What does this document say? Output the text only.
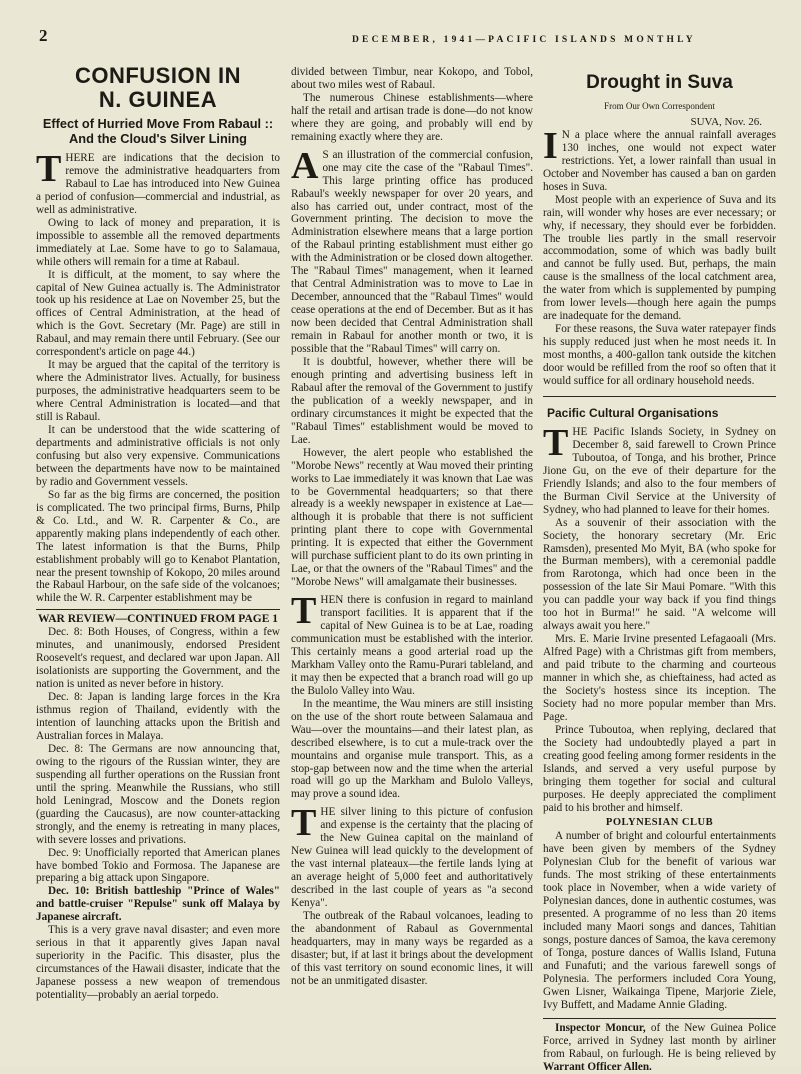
2	DECEMBER, 1941—PACIFIC ISLANDS MONTHLY
CONFUSION IN
N. GUINEA
Effect of Hurried Move From Rabaul :: And the Cloud's Silver Lining

THERE are indications that the decision to remove the administrative headquarters from Rabaul to Lae has introduced into New Guinea a period of confusion—commercial and industrial, as well as administrative.

Owing to lack of money and preparation, it is impossible to assemble all the removed departments immediately at Lae. Some have to go to Salamaua, while others will remain for a time at Rabaul.

It is difficult, at the moment, to say where the capital of New Guinea actually is. The Administrator took up his residence at Lae on November 25, but the offices of Central Administration, at the head of which is the Govt. Secretary (Mr. Page) are still in Rabaul, and may remain there until February. (See our correspondent's article on page 44.)

It may be argued that the capital of the territory is where the Administrator lives. Actually, for business purposes, the administrative headquarters seem to be where Central Administration is located—and that still is Rabaul.

It can be understood that the wide scattering of departments and administrative officials is not only confusing but also very expensive. Communications between the departments have now to be maintained by radio and Government vessels.

So far as the big firms are concerned, the position is complicated. The two principal firms, Burns, Philp & Co. Ltd., and W. R. Carpenter & Co., are apparently making plans independently of each other. The latest information is that the Burns, Philp establishment probably will go to Kenabot Plantation, near the present township of Kokopo, 20 miles around the Rabaul Harbour, on the safe side of the volcanoes; while the W. R. Carpenter establishment may be

WAR REVIEW—CONTINUED FROM PAGE 1

Dec. 8: Both Houses, of Congress, within a few minutes, and unanimously, endorsed President Roosevelt's request, and declared war upon Japan. All isolationists are supporting the Government, and the nation is united as never before in history.

Dec. 8: Japan is landing large forces in the Kra isthmus region of Thailand, evidently with the intention of launching attacks upon the British and Australian forces in Malaya.

Dec. 8: The Germans are now announcing that, owing to the rigours of the Russian winter, they are suspending all further operations on the Russian front until the spring. Meanwhile the Russians, who still hold Leningrad, Moscow and the Donets region (guarding the Caucasus), are now counter-attacking strongly, and the enemy is retreating in many places, with severe losses and privations.

Dec. 9: Unofficially reported that American planes have bombed Tokio and Formosa. The Japanese are preparing a big attack upon Singapore.

Dec. 10: British battleship "Prince of Wales" and battle-cruiser "Repulse" sunk off Malaya by Japanese aircraft.

This is a very grave naval disaster; and even more serious in that it apparently gives Japan naval superiority in the Pacific. This disaster, plus the circumstances of the Hawaii disaster, indicate that the Japanese possess a new weapon of tremendous potentiality—probably an aerial torpedo.

divided between Timbur, near Kokopo, and Tobol, about two miles west of Rabaul.

The numerous Chinese establishments—where half the retail and artisan trade is done—do not know where they are going, and probably will end by remaining exactly where they are.

A S an illustration of the commercial confusion, one may cite the case of the "Rabaul Times". This large printing office has produced Rabaul's weekly newspaper for over 20 years, and also has carried out, under contract, most of the Government printing. The decision to move the Administration elsewhere means that a large portion of the Rabaul printing establishment must either go with the Administration or be closed down altogether. The "Rabaul Times" management, when it learned that Central Administration was to move to Lae in December, announced that the "Rabaul Times" would cease operations at the end of December. But as it has now been decided that Central Administration shall remain in Rabaul for another month or two, it is possible that the "Rabaul Times" will carry on.

It is doubtful, however, whether there will be enough printing and advertising business left in Rabaul after the removal of the Government to justify the publication of a weekly newspaper, and in ordinary circumstances it might be expected that the "Rabaul Times" establishment would be moved to Lae.

However, the alert people who established the "Morobe News" recently at Wau moved their printing works to Lae immediately it was known that Lae was to be Governmental headquarters; so that there already is a weekly newspaper in existence at Lae—although it is probable that there is not sufficient printing plant there to cope with Governmental printing. It is expected that either the Government will purchase sufficient plant to do its own printing in Lae, or that the owners of the "Rabaul Times" and the "Morobe News" will amalgamate their businesses.

THEN there is confusion in regard to mainland transport facilities. It is apparent that if the capital of New Guinea is to be at Lae, roading communication must be established with the interior. This certainly means a good arterial road up the Markham Valley onto the Ramu-Purari tableland, and it may then be expected that a branch road will go up the Bulolo Valley into Wau.

In the meantime, the Wau miners are still insisting on the use of the short route between Salamaua and Wau—over the mountains—and their latest plan, as described elsewhere, is to cut a mule-track over the mountains and organise mule transport. This, as a stop-gap between now and the time when the arterial road will go up the Markham and Bulolo Valleys, may prove a sound idea.

THE silver lining to this picture of confusion and expense is the certainty that the placing of the New Guinea capital on the mainland of New Guinea will lead quickly to the development of the vast internal plateaux—the fertile lands lying at an average height of 5,000 feet and authoritatively described in the last couple of years as "a second Kenya".

The outbreak of the Rabaul volcanoes, leading to the abandonment of Rabaul as Governmental headquarters, may in many ways be regarded as a disaster; but, if at last it brings about the development of this vast territory on sound economic lines, it will not be an unmitigated disaster.

Drought in Suva
From Our Own Correspondent
SUVA, Nov. 26.

I N a place where the annual rainfall averages 130 inches, one would not expect water restrictions. Yet, a lower rainfall than usual in October and November has caused a ban on garden hoses in Suva.

Most people with an experience of Suva and its rain, will wonder why hoses are ever necessary; or why, if necessary, they should ever be forbidden. The trouble lies partly in the small reservoir accommodation, some of which was badly built and cannot be fully used. But, perhaps, the main cause is the smallness of the local catchment area, the water from which is supplemented by pumping from lower levels—though here again the pumps are inadequate for the demand.

For these reasons, the Suva water ratepayer finds his supply reduced just when he most needs it. In most months, a 400-gallon tank outside the kitchen door would be refilled from the roof so often that it would suffice for all ordinary household needs.

Pacific Cultural Organisations

THE Pacific Islands Society, in Sydney on December 8, said farewell to Crown Prince Tuboutoa, of Tonga, and his brother, Prince Jione Gu, on the eve of their departure for the Friendly Islands; and also to the four members of the Burman Civil Service at the University of Sydney, who had planned to leave for their homes.

As a souvenir of their association with the Society, the honorary secretary (Mr. Eric Ramsden), presented Mo Myit, BA (who spoke for the Burman members), with a ceremonial paddle from Rarotonga, which had once been in the possession of the late Sir Maui Pomare. "With this you can paddle your way back if you find things too hot in Burma!" he said. "A welcome will always await you here."

Mrs. E. Marie Irvine presented Lefagaoali (Mrs. Alfred Page) with a Christmas gift from members, and paid tribute to the charming and courteous manner in which she, as chieftainess, had acted as the Society's hostess since its inception. The Society had no more popular member than Mrs. Page.

Prince Tuboutoa, when replying, declared that the Society had undoubtedly played a part in creating good feeling among former residents in the Islands, and served a very useful purpose by bringing them together for social and cultural purposes. He deeply appreciated the compliment paid to his brother and himself.

POLYNESIAN CLUB

A number of bright and colourful entertainments have been given by members of the Sydney Polynesian Club for the benefit of various war funds. The most striking of these entertainments took place in November, when a wide variety of Polynesian dances, done in authentic costumes, was presented. A programme of no less than 20 items included many Maori songs and dances, Tahitian songs, posture dances of Samoa, the kava ceremony of Tonga, posture dances of Wallis Island, Futuna and Funafuti; and the various farewell songs of Polynesia. The performers included Cora Young, Gwen Lisner, Waikainga Tipene, Marjorie Ziele, Ivy Buffett, and Madame Annie Glading.

Inspector Moncur, of the New Guinea Police Force, arrived in Sydney last month by airliner from Rabaul, on furlough. He is being relieved by Warrant Officer Allen.
